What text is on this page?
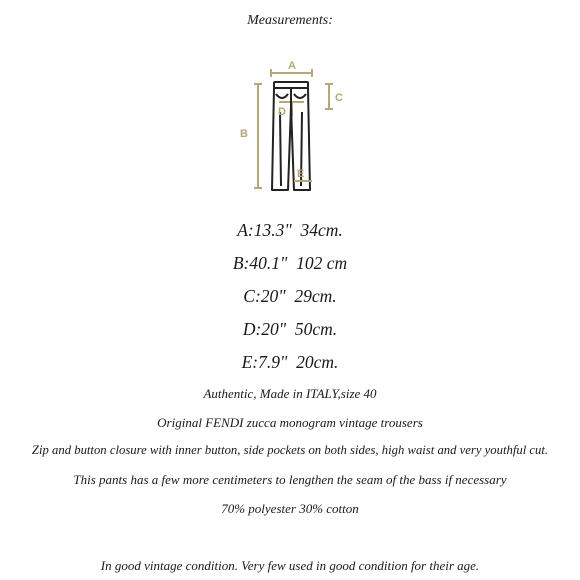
Measurements:
A
B
C
D
E
A:13.3"  34cm.
B:40.1"  102 cm
C:20"  29cm.
D:20"  50cm.
E:7.9"  20cm.
Authentic, Made in ITALY,size 40
Original FENDI zucca monogram vintage trousers
Zip and button closure with inner button, side pockets on both sides, high waist and very youthful cut.
This pants has a few more centimeters to lengthen the seam of the bass if necessary
70% polyester 30% cotton
In good vintage condition. Very few used in good condition for their age.
